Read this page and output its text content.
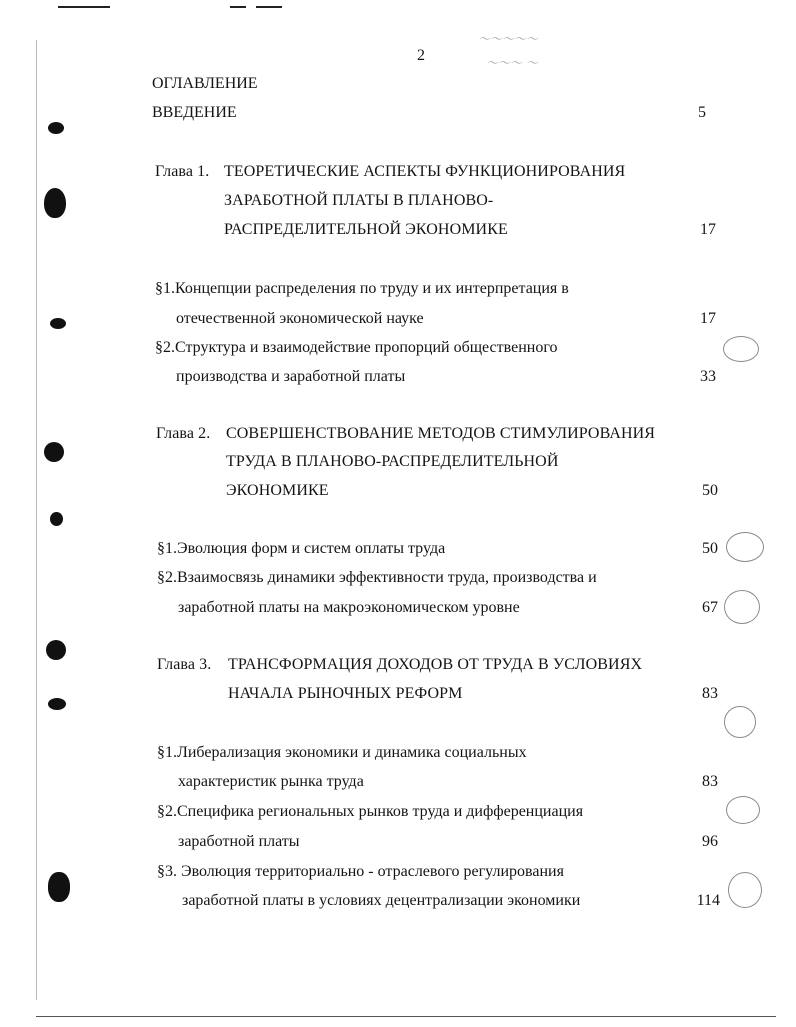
～～～～～
～～～ ～
2
ОГЛАВЛЕНИЕ
ВВЕДЕНИЕ	5
Глава 1. ТЕОРЕТИЧЕСКИЕ АСПЕКТЫ ФУНКЦИОНИРОВАНИЯ
ЗАРАБОТНОЙ ПЛАТЫ В ПЛАНОВО-
РАСПРЕДЕЛИТЕЛЬНОЙ ЭКОНОМИКЕ	17
§1.Концепции распределения по труду и их интерпретация в
отечественной экономической науке	17
§2.Структура и взаимодействие пропорций общественного
производства и заработной платы	33
Глава 2. СОВЕРШЕНСТВОВАНИЕ МЕТОДОВ СТИМУЛИРОВАНИЯ
ТРУДА В ПЛАНОВО-РАСПРЕДЕЛИТЕЛЬНОЙ
ЭКОНОМИКЕ	50
§1.Эволюция форм и систем оплаты труда	50
§2.Взаимосвязь динамики эффективности труда, производства и
заработной платы на макроэкономическом уровне	67
Глава 3. ТРАНСФОРМАЦИЯ ДОХОДОВ ОТ ТРУДА В УСЛОВИЯХ
НАЧАЛА РЫНОЧНЫХ РЕФОРМ	83
§1.Либерализация экономики и динамика социальных
характеристик рынка труда	83
§2.Специфика региональных рынков труда и дифференциация
заработной платы	96
§3. Эволюция территориально - отраслевого регулирования
заработной платы в условиях децентрализации экономики	114
